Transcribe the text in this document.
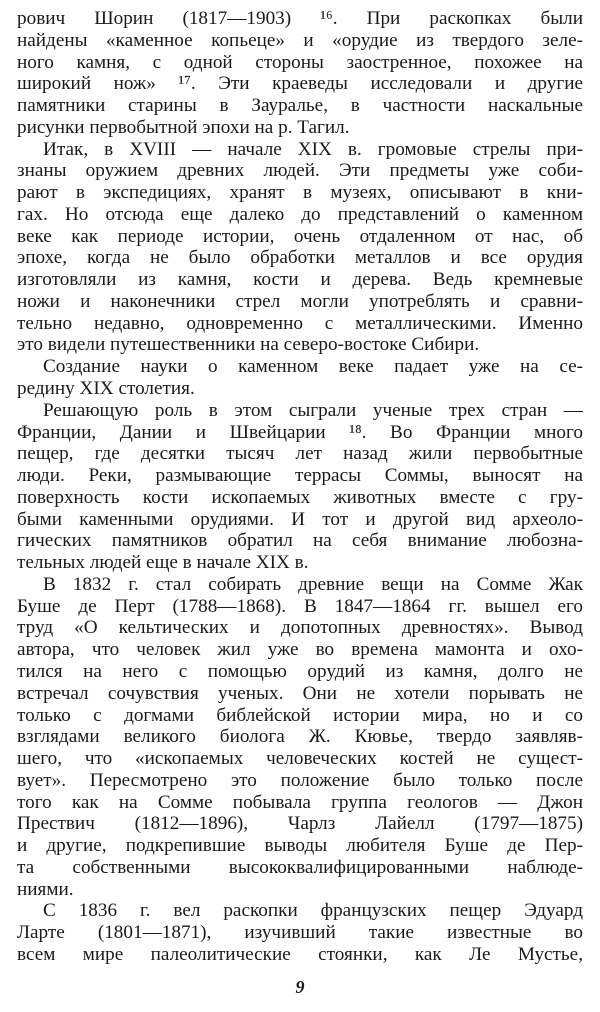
рович Шорин (1817—1903) ¹⁶. При раскопках были
найдены «каменное копьеце» и «орудие из твердого зеле-
ного камня, с одной стороны заостренное, похожее на
широкий нож» ¹⁷. Эти краеведы исследовали и другие
памятники старины в Зауралье, в частности наскальные
рисунки первобытной эпохи на р. Тагил.
Итак, в XVIII — начале XIX в. громовые стрелы при-
знаны оружием древних людей. Эти предметы уже соби-
рают в экспедициях, хранят в музеях, описывают в кни-
гах. Но отсюда еще далеко до представлений о каменном
веке как периоде истории, очень отдаленном от нас, об
эпохе, когда не было обработки металлов и все орудия
изготовляли из камня, кости и дерева. Ведь кремневые
ножи и наконечники стрел могли употреблять и сравни-
тельно недавно, одновременно с металлическими. Именно
это видели путешественники на северо-востоке Сибири.
Создание науки о каменном веке падает уже на се-
редину XIX столетия.
Решающую роль в этом сыграли ученые трех стран —
Франции, Дании и Швейцарии ¹⁸. Во Франции много
пещер, где десятки тысяч лет назад жили первобытные
люди. Реки, размывающие террасы Соммы, выносят на
поверхность кости ископаемых животных вместе с гру-
быми каменными орудиями. И тот и другой вид археоло-
гических памятников обратил на себя внимание любозна-
тельных людей еще в начале XIX в.
В 1832 г. стал собирать древние вещи на Сомме Жак
Буше де Перт (1788—1868). В 1847—1864 гг. вышел его
труд «О кельтических и допотопных древностях». Вывод
автора, что человек жил уже во времена мамонта и охо-
тился на него с помощью орудий из камня, долго не
встречал сочувствия ученых. Они не хотели порывать не
только с догмами библейской истории мира, но и со
взглядами великого биолога Ж. Кювье, твердо заявляв-
шего, что «ископаемых человеческих костей не сущест-
вует». Пересмотрено это положение было только после
того как на Сомме побывала группа геологов — Джон
Преcтвич (1812—1896), Чарлз Лайелл (1797—1875)
и другие, подкрепившие выводы любителя Буше де Пер-
та собственными высококвалифицированными наблюде-
ниями.
С 1836 г. вел раскопки французских пещер Эдуард
Ларте (1801—1871), изучивший такие известные во
всем мире палеолитические стоянки, как Ле Мустье,
9
